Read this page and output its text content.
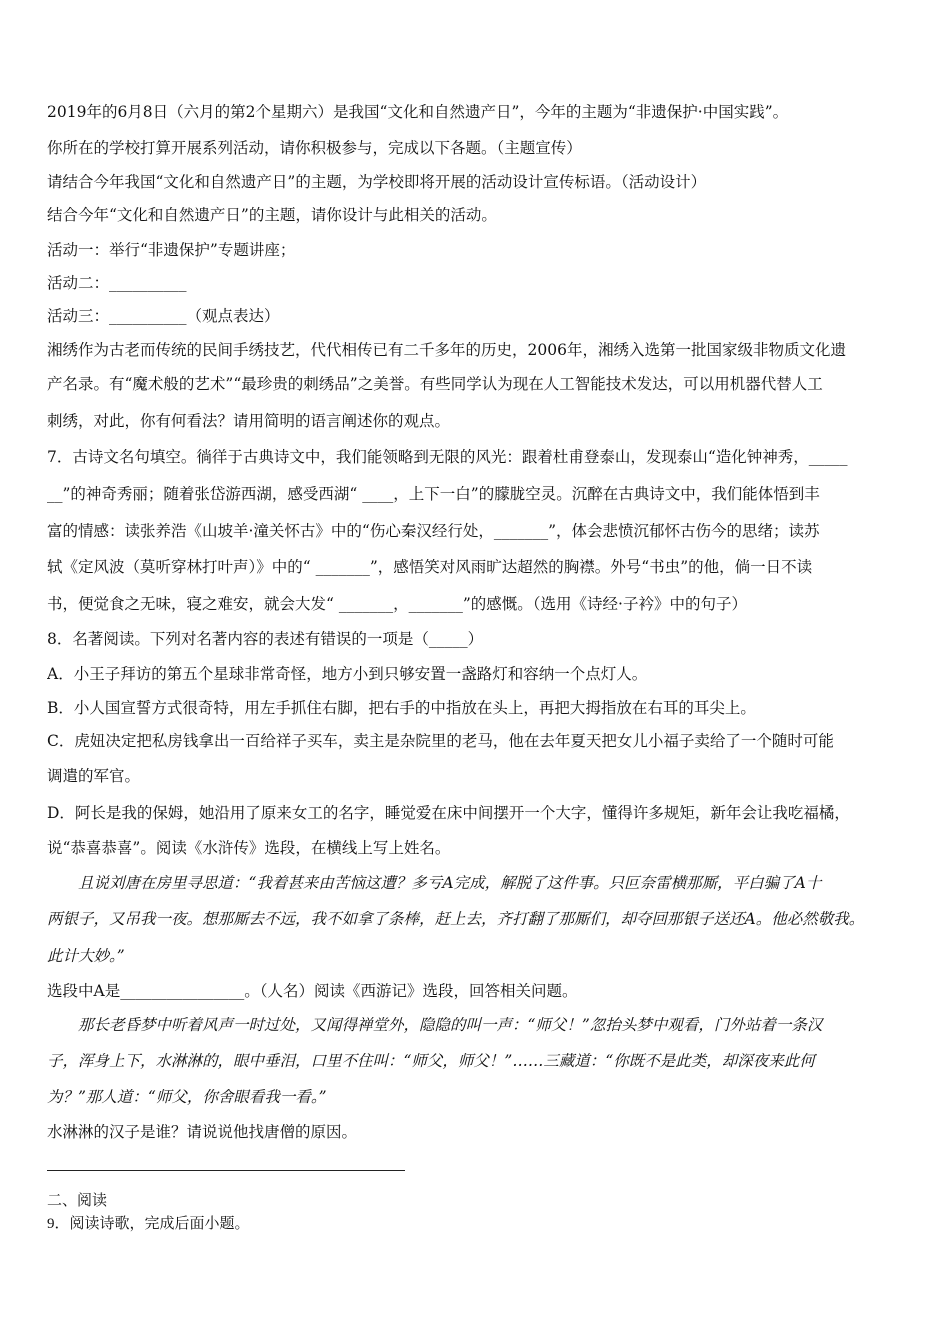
2019年的6月8日（六月的第2个星期六）是我国“文化和自然遗产日”，今年的主题为“非遗保护·中国实践”。
你所在的学校打算开展系列活动，请你积极参与，完成以下各题。（主题宣传）
请结合今年我国“文化和自然遗产日”的主题，为学校即将开展的活动设计宣传标语。（活动设计）
结合今年“文化和自然遗产日”的主题，请你设计与此相关的活动。
活动一：举行“非遗保护”专题讲座；
活动二：__________
活动三：__________（观点表达）
湘绣作为古老而传统的民间手绣技艺，代代相传已有二千多年的历史，2006年，湘绣入选第一批国家级非物质文化遗
产名录。有“魔术般的艺术”“最珍贵的刺绣品”之美誉。有些同学认为现在人工智能技术发达，可以用机器代替人工
刺绣，对此，你有何看法？请用简明的语言阐述你的观点。
7．古诗文名句填空。徜徉于古典诗文中，我们能领略到无限的风光：跟着杜甫登泰山，发现泰山“造化钟神秀，_____
__”的神奇秀丽；随着张岱游西湖，感受西湖“ ____，上下一白”的朦胧空灵。沉醉在古典诗文中，我们能体悟到丰
富的情感：读张养浩《山坡羊·潼关怀古》中的“伤心秦汉经行处，_______”，体会悲愤沉郁怀古伤今的思绪；读苏
轼《定风波（莫听穿林打叶声）》中的“ _______”，感悟笑对风雨旷达超然的胸襟。外号“书虫”的他，倘一日不读
书，便觉食之无味，寝之难安，就会大发“ _______，_______”的感慨。（选用《诗经·子衿》中的句子）
8．名著阅读。下列对名著内容的表述有错误的一项是（_____）
A．小王子拜访的第五个星球非常奇怪，地方小到只够安置一盏路灯和容纳一个点灯人。
B．小人国宣誓方式很奇特，用左手抓住右脚，把右手的中指放在头上，再把大拇指放在右耳的耳尖上。
C．虎妞决定把私房钱拿出一百给祥子买车，卖主是杂院里的老马，他在去年夏天把女儿小福子卖给了一个随时可能
调遣的军官。
D．阿长是我的保姆，她沿用了原来女工的名字，睡觉爱在床中间摆开一个大字，懂得许多规矩，新年会让我吃福橘，
说“恭喜恭喜”。阅读《水浒传》选段，在横线上写上姓名。
且说刘唐在房里寻思道：“我着甚来由苦恼这遭？多亏A完成，解脱了这件事。只叵奈雷横那厮，平白骗了A十
两银子，又吊我一夜。想那厮去不远，我不如拿了条棒，赶上去，齐打翻了那厮们，却夺回那银子送还A。他必然敬我。
此计大妙。”
选段中A是________________。（人名）阅读《西游记》选段，回答相关问题。
那长老昏梦中听着风声一时过处，又闻得禅堂外，隐隐的叫一声：“师父！”忽抬头梦中观看，门外站着一条汉
子，浑身上下，水淋淋的，眼中垂泪，口里不住叫：“师父，师父！”……三藏道：“你既不是此类，却深夜来此何
为？”那人道：“师父，你舍眼看我一看。”
水淋淋的汉子是谁？请说说他找唐僧的原因。
二、阅读
9．阅读诗歌，完成后面小题。
